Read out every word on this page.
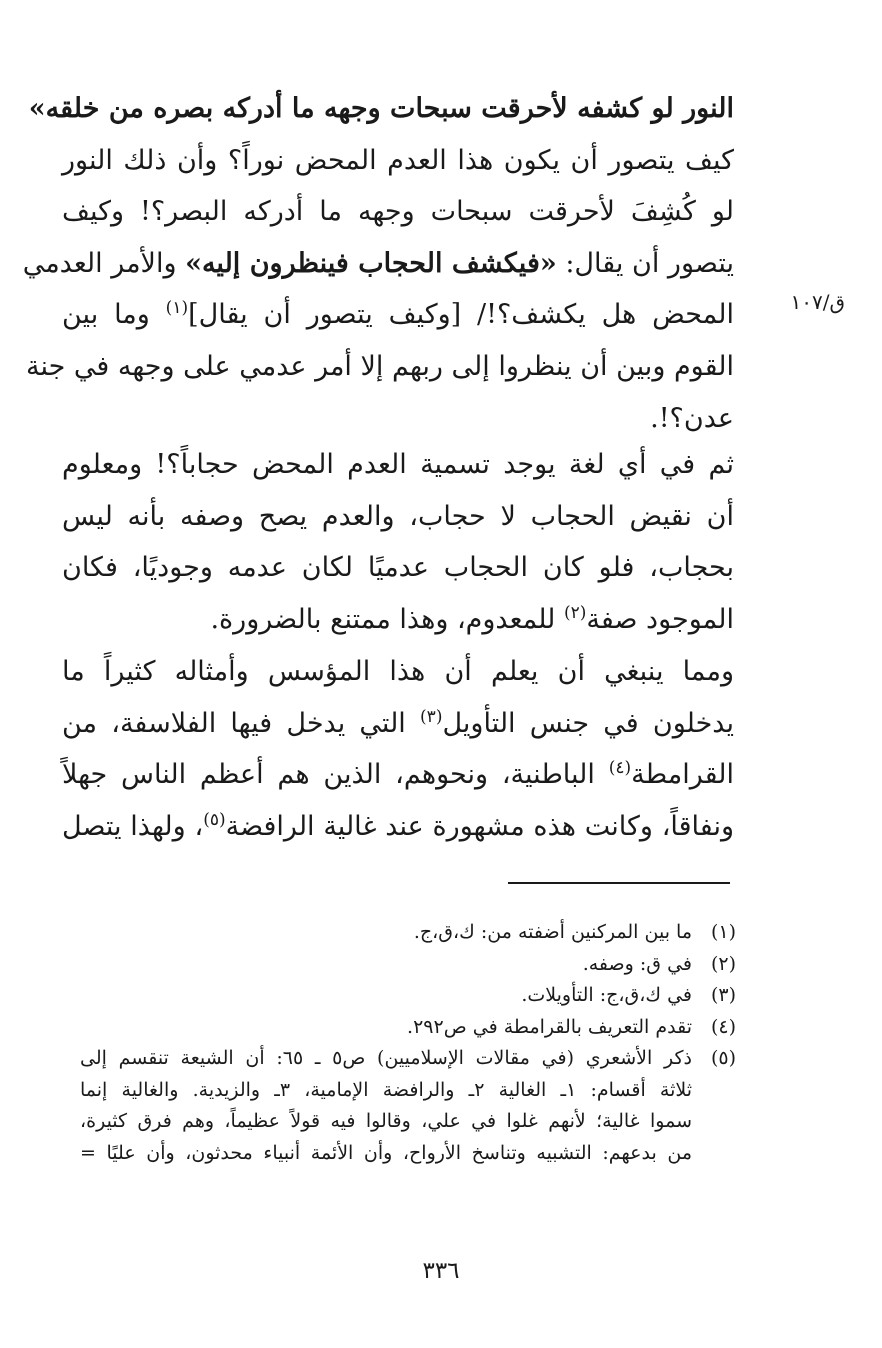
ق/١٠٧
النور لو كشفه لأحرقت سبحات وجهه ما أدركه بصره من خلقه»
كيف يتصور أن يكون هذا العدم المحض نوراً؟ وأن ذلك النور
لو كُشِفَ لأحرقت سبحات وجهه ما أدركه البصر؟! وكيف
يتصور أن يقال: «فيكشف الحجاب فينظرون إليه» والأمر العدمي
المحض هل يكشف؟!/ [وكيف يتصور أن يقال]$^{(١)}$ وما بين
القوم وبين أن ينظروا إلى ربهم إلا أمر عدمي على وجهه في جنة
عدن؟!.
ثم في أي لغة يوجد تسمية العدم المحض حجاباً؟! ومعلوم
أن نقيض الحجاب لا حجاب، والعدم يصح وصفه بأنه ليس
بحجاب، فلو كان الحجاب عدميًا لكان عدمه وجوديًا، فكان
الموجود صفة$^{(٢)}$ للمعدوم، وهذا ممتنع بالضرورة.
ومما ينبغي أن يعلم أن هذا المؤسس وأمثاله كثيراً ما
يدخلون في جنس التأويل$^{(٣)}$ التي يدخل فيها الفلاسفة، من
القرامطة$^{(٤)}$ الباطنية، ونحوهم، الذين هم أعظم الناس جهلاً
ونفاقاً، وكانت هذه مشهورة عند غالية الرافضة$^{(٥)}$، ولهذا يتصل
(١)
ما بين المركنين أضفته من: ك،ق،ج.
(٢)
في ق: وصفه.
(٣)
في ك،ق،ج: التأويلات.
(٤)
تقدم التعريف بالقرامطة في ص٢٩٢.
(٥)
ذكر الأشعري (في مقالات الإسلاميين) ص٥ ـ ٦٥: أن الشيعة تنقسم إلى
ثلاثة أقسام: ١ـ الغالية ٢ـ والرافضة الإمامية، ٣ـ والزيدية. والغالية إنما
سموا غالية؛ لأنهم غلوا في علي، وقالوا فيه قولاً عظيماً، وهم فرق كثيرة،
من بدعهم: التشبيه وتناسخ الأرواح، وأن الأئمة أنبياء محدثون، وأن عليًا =
٣٣٦
